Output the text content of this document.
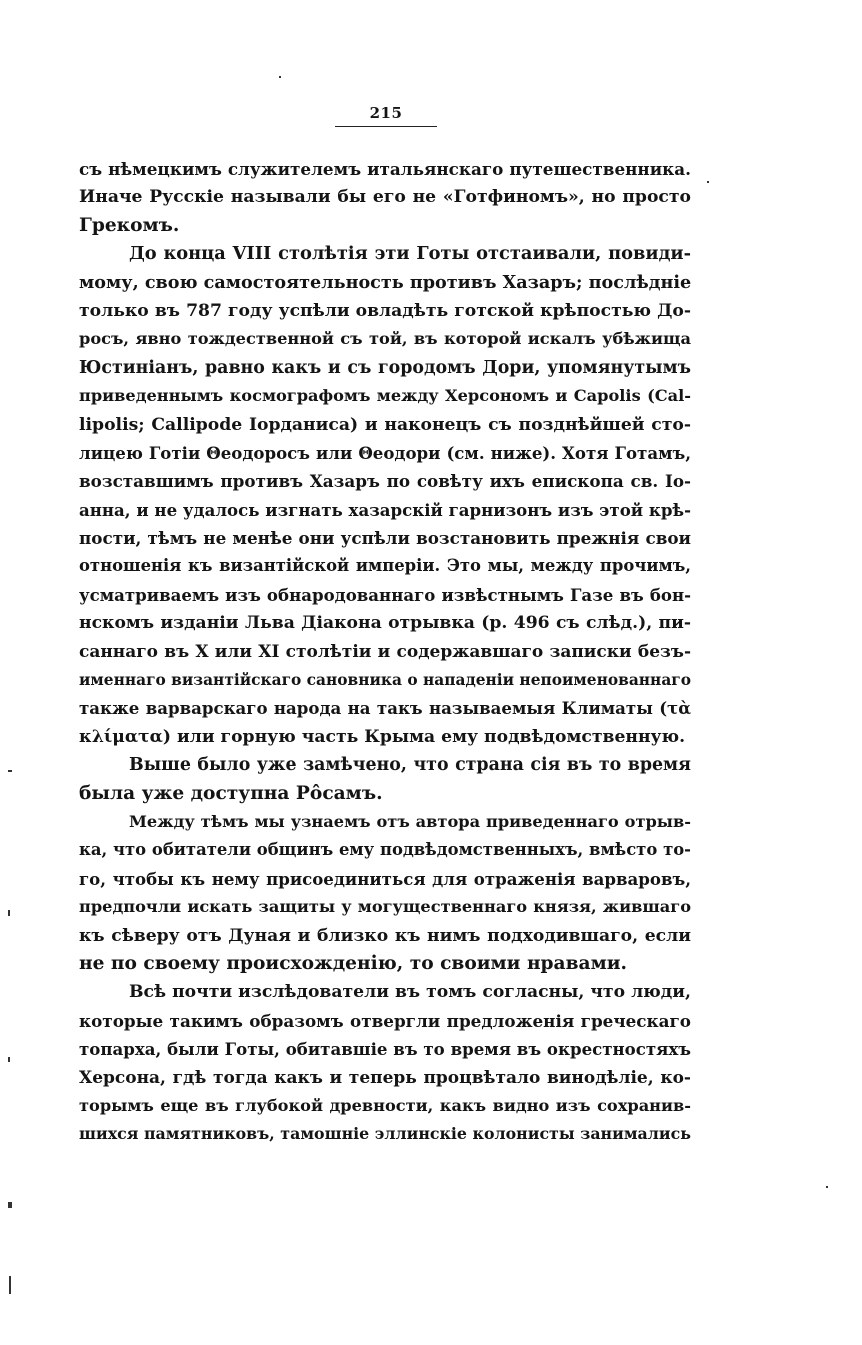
215
съ нѣмецкимъ служителемъ итальянскаго путешественника.
Иначе Русскіе называли бы его не «Готфиномъ», но просто
Грекомъ.
До конца VIII столѣтія эти Готы отстаивали, повиди-
мому, свою самостоятельность противъ Хазаръ; послѣдніе
только въ 787 году успѣли овладѣть готской крѣпостью До-
росъ, явно тождественной съ той, въ которой искалъ убѣжища
Юстиніанъ, равно какъ и съ городомъ Дори, упомянутымъ
приведеннымъ космографомъ между Херсономъ и Capolis (Cal-
lipolis; Callipode Іорданиса) и наконецъ съ позднѣйшей сто-
лицею Готіи Θеодоросъ или Θеодори (см. ниже). Хотя Готамъ,
возставшимъ противъ Хазаръ по совѣту ихъ епископа св. Іо-
анна, и не удалось изгнать хазарскій гарнизонъ изъ этой крѣ-
пости, тѣмъ не менѣе они успѣли возстановить прежнія свои
отношенія къ византійской имперіи. Это мы, между прочимъ,
усматриваемъ изъ обнародованнаго извѣстнымъ Газе въ бон-
нскомъ изданіи Льва Діакона отрывка (р. 496 съ слѣд.), пи-
саннаго въ X или XI столѣтіи и содержавшаго записки безъ-
именнаго византійскаго сановника о нападеніи непоименованнаго
также варварскаго народа на такъ называемыя Климаты (τὰ
κλίματα) или горную часть Крыма ему подвѣдомственную.
Выше было уже замѣчено, что страна сія въ то время
была уже доступна Рôсамъ.
Между тѣмъ мы узнаемъ отъ автора приведеннаго отрыв-
ка, что обитатели общинъ ему подвѣдомственныхъ, вмѣсто то-
го, чтобы къ нему присоединиться для отраженія варваровъ,
предпочли искать защиты у могущественнаго князя, жившаго
къ сѣверу отъ Дуная и близко къ нимъ подходившаго, если
не по своему происхожденію, то своими нравами.
Всѣ почти изслѣдователи въ томъ согласны, что люди,
которые такимъ образомъ отвергли предложенія греческаго
топарха, были Готы, обитавшіе въ то время въ окрестностяхъ
Херсона, гдѣ тогда какъ и теперь процвѣтало винодѣліе, ко-
торымъ еще въ глубокой древности, какъ видно изъ сохранив-
шихся памятниковъ, тамошніе эллинскіе колонисты занимались
